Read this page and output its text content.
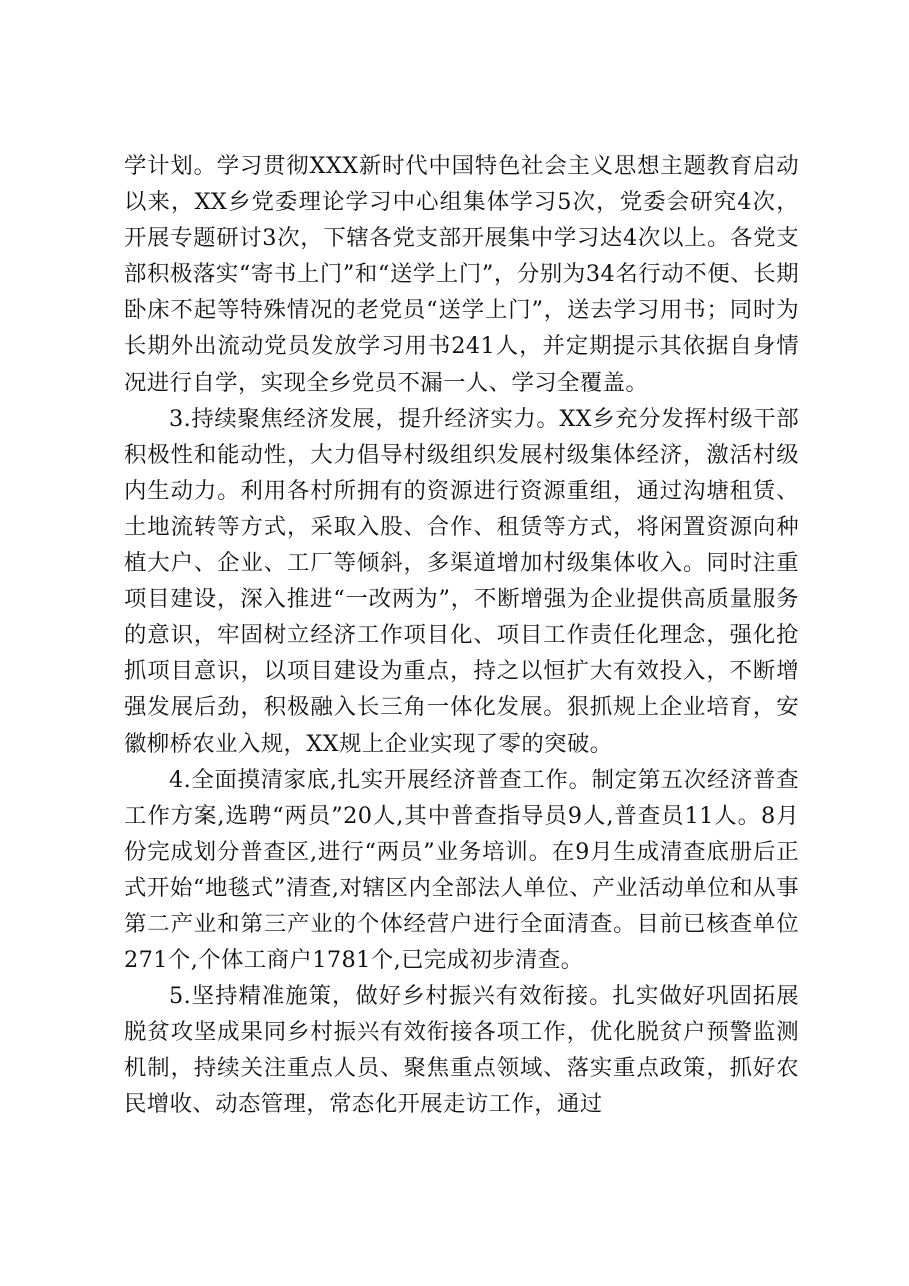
学计划。学习贯彻XXX新时代中国特色社会主义思想主题教育启动以来，XX乡党委理论学习中心组集体学习5次，党委会研究4次，开展专题研讨3次，下辖各党支部开展集中学习达4次以上。各党支部积极落实“寄书上门”和“送学上门”，分别为34名行动不便、长期卧床不起等特殊情况的老党员“送学上门”，送去学习用书；同时为长期外出流动党员发放学习用书241人，并定期提示其依据自身情况进行自学，实现全乡党员不漏一人、学习全覆盖。

3.持续聚焦经济发展，提升经济实力。XX乡充分发挥村级干部积极性和能动性，大力倡导村级组织发展村级集体经济，激活村级内生动力。利用各村所拥有的资源进行资源重组，通过沟塘租赁、土地流转等方式，采取入股、合作、租赁等方式，将闲置资源向种植大户、企业、工厂等倾斜，多渠道增加村级集体收入。同时注重项目建设，深入推进“一改两为”，不断增强为企业提供高质量服务的意识，牢固树立经济工作项目化、项目工作责任化理念，强化抢抓项目意识，以项目建设为重点，持之以恒扩大有效投入，不断增强发展后劲，积极融入长三角一体化发展。狠抓规上企业培育，安徽柳桥农业入规，XX规上企业实现了零的突破。

4.全面摸清家底,扎实开展经济普查工作。制定第五次经济普查工作方案,选聘“两员”20人,其中普查指导员9人,普查员11人。8月份完成划分普查区,进行“两员”业务培训。在9月生成清查底册后正式开始“地毯式”清查,对辖区内全部法人单位、产业活动单位和从事第二产业和第三产业的个体经营户进行全面清查。目前已核查单位271个,个体工商户1781个,已完成初步清查。

5.坚持精准施策，做好乡村振兴有效衔接。扎实做好巩固拓展脱贫攻坚成果同乡村振兴有效衔接各项工作，优化脱贫户预警监测机制，持续关注重点人员、聚焦重点领域、落实重点政策，抓好农民增收、动态管理，常态化开展走访工作，通过
